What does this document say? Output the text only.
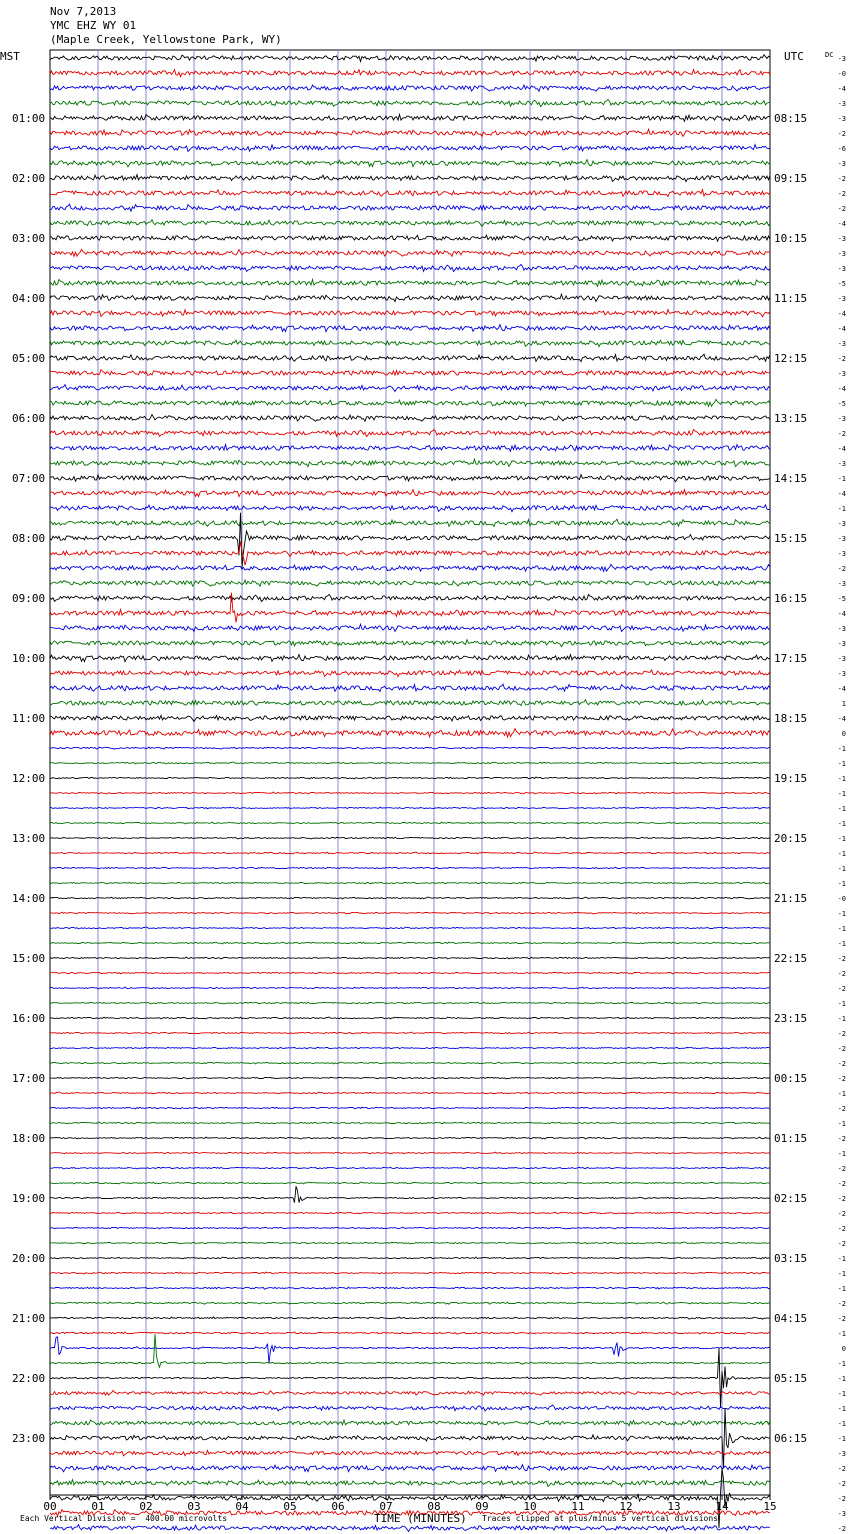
Nov 7,2013
YMC EHZ WY 01
(Maple Creek, Yellowstone Park, WY)
MST	UTC	DC
01:00
02:00
03:00
04:00
05:00
06:00
07:00
08:00
09:00
10:00
11:00
12:00
13:00
14:00
15:00
16:00
17:00
18:00
19:00
20:00
21:00
22:00
23:00
08:15
09:15
10:15
11:15
12:15
13:15
14:15
15:15
16:15
17:15
18:15
19:15
20:15
21:15
22:15
23:15
00:15
01:15
02:15
03:15
04:15
05:15
06:15
-3
-0
-4
-3
-3
-2
-6
-3
-2
-2
-2
-4
-3
-3
-3
-5
-3
-4
-4
-3
-2
-3
-4
-5
-3
-2
-4
-3
-1
-4
-1
-3
-3
-3
-2
-3
-5
-4
-3
-3
-3
-3
-4
1
-4
0
-1
-1
-1
-1
-1
-1
-1
-1
-1
-1
-0
-1
-1
-1
-2
-2
-2
-1
-1
-2
-2
-2
-2
-1
-2
-1
-2
-1
-2
-2
-2
-2
-2
-2
-1
-1
-1
-2
-2
-1
0
-1
-1
-1
-1
-1
-1
-3
-2
-2
-2
-3
-2
00	01	02	03	04	05	06	07	08	09	10	11	12	13	14	15
Each Vertical Division =  400.00 microvolts	TIME (MINUTES) Traces clipped at plus/minus 5 vertical divisions
